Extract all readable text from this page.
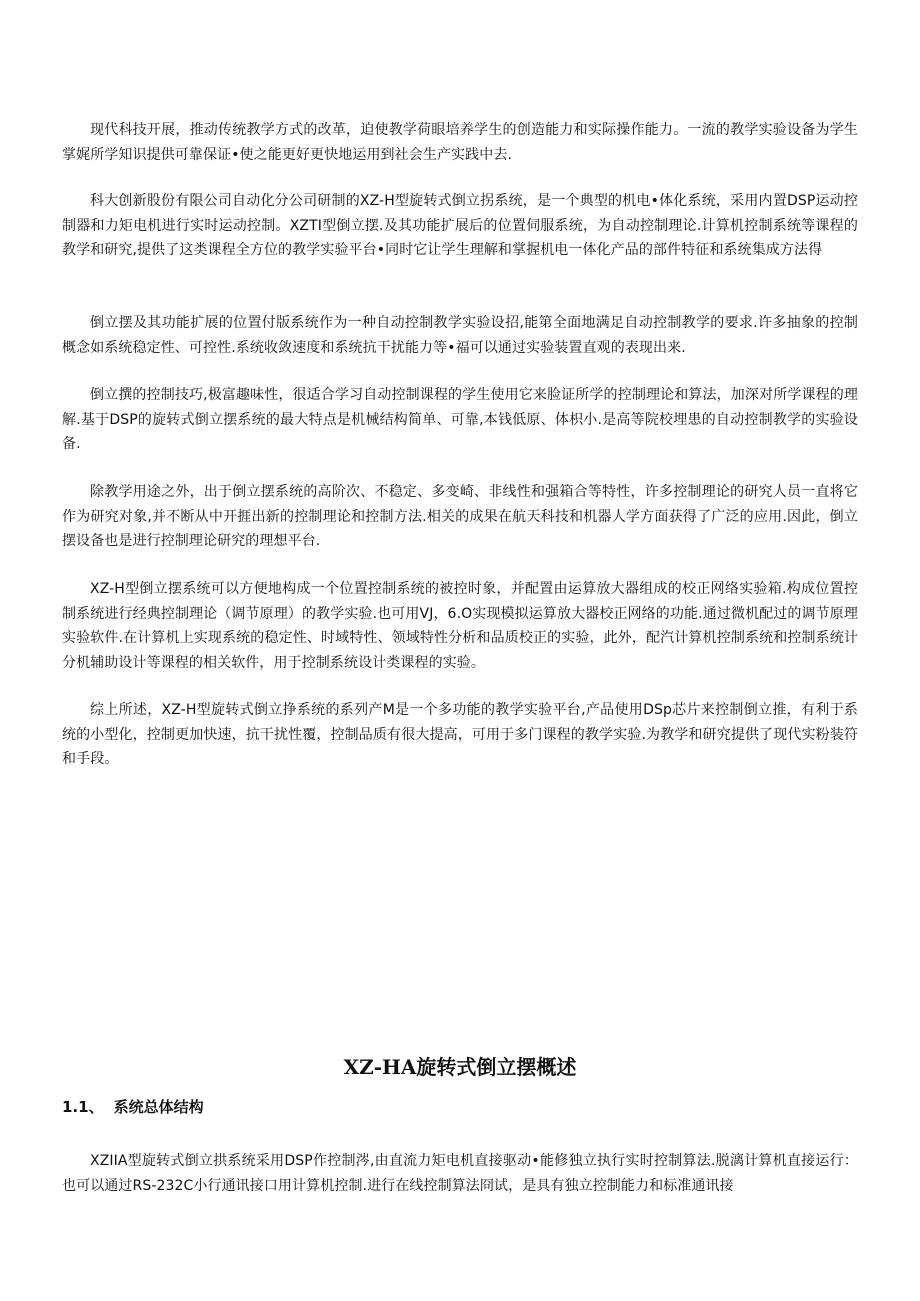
现代科技开展，推动传统教学方式的改革，迫使教学荷眼培养学生的创造能力和实际操作能力。一流的教学实验设备为学生掌娓所学知识提供可靠保证•使之能更好更快地运用到社会生产实践中去.

科大创新股份有限公司自动化分公司研制的XZ-H型旋转式倒立拐系统，是一个典型的机电•体化系统，采用内置DSP运动控制器和力矩电机进行实时运动控制。XZTI型倒立摆.及其功能扩展后的位置伺服系统，为自动控制理论.计算机控制系统等课程的教学和研究,提供了这类课程全方位的教学实验平台•同时它让学生理解和掌握机电一体化产品的部件特征和系统集成方法得

倒立摆及其功能扩展的位置付版系统作为一种自动控制教学实验设招,能第全面地满足自动控制教学的要求.许多抽象的控制概念如系统稳定性、可控性.系统收敛速度和系统抗干扰能力等•福可以通过实验装置直观的表现出来.

倒立撰的控制技巧,极富趣味性，很适合学习自动控制课程的学生使用它来脸证所学的控制理论和算法，加深对所学课程的理解.基于DSP的旋转式倒立摆系统的最大特点是机械结构简单、可靠,本钱低原、体枳小.是高等院校埋患的自动控制教学的实验设备.

除教学用途之外，出于倒立摆系统的高阶次、不稳定、多变崎、非线性和强箱合等特性，许多控制理论的研究人员一直将它作为研究对象,并不断从中开捱出新的控制理论和控制方法.相关的成果在航天科技和机器人学方面获得了广泛的应用.因此，倒立摆设备也是进行控制理论研究的理想平台.

XZ-H型倒立摆系统可以方便地构成一个位置控制系统的被控时象，并配置由运算放大器组成的校正网络实验箱.构成位置控制系统进行经典控制理论（调节原理）的教学实验.也可用VJ，6.O实现模拟运算放大器校正网络的功能.通过微机配过的调节原理实验软件.在计算机上实现系统的稳定性、时域特性、领域特性分析和品质校正的实验，此外，配汽计算机控制系统和控制系统计分机辅助设计等课程的相关软件，用于控制系统设计类课程的实验。

综上所述，XZ-H型旋转式倒立挣系统的系列产M是一个多功能的教学实验平台,产品使用DSp芯片来控制倒立推，有利于系统的小型化，控制更加快速，抗干扰性覆，控制品质有很大提高，可用于多门课程的教学实验.为教学和研究提供了现代实粉装符和手段。

XZ-HA旋转式倒立摆概述
1.1、 系统总体结构

XZIIA型旋转式倒立拱系统采用DSP作控制涔,由直流力矩电机直接驱动•能修独立执行实时控制算法.脱漓计算机直接运行：也可以通过RS-232C小行通讯接口用计算机控制.进行在线控制算法冏试，是具有独立控制能力和标准通讯接
